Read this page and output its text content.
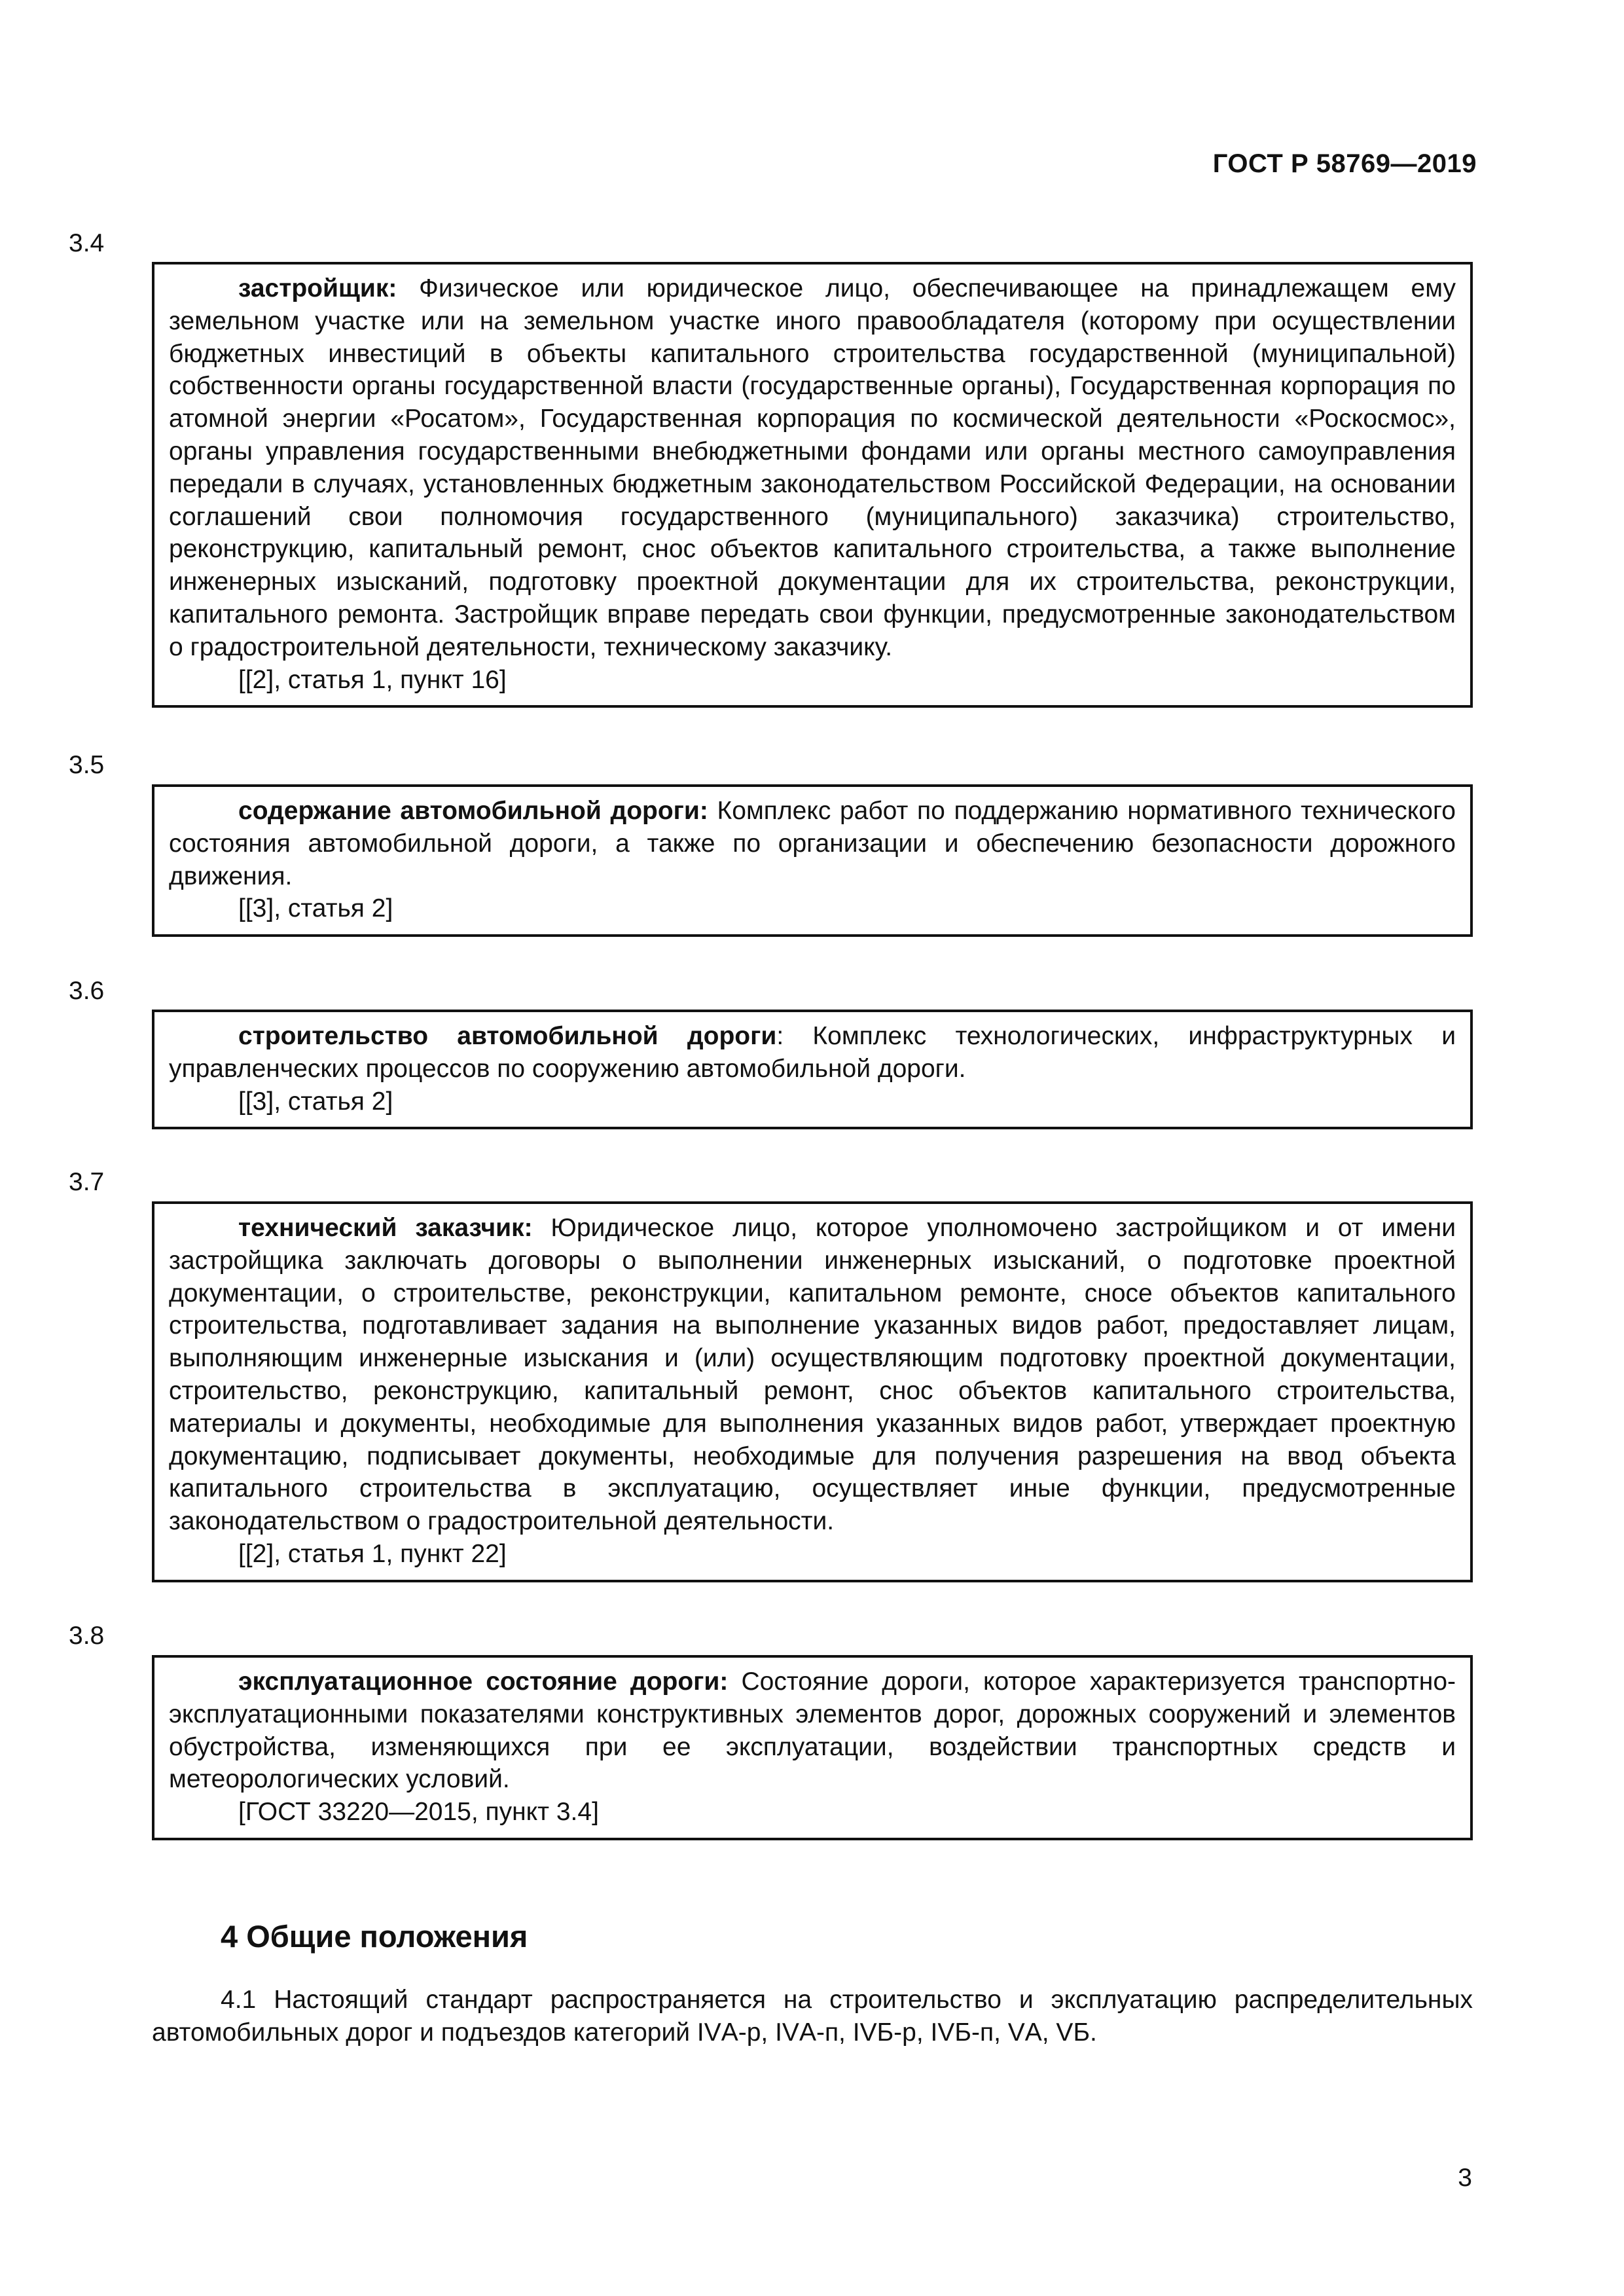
ГОСТ Р 58769—2019
3.4

застройщик: Физическое или юридическое лицо, обеспечивающее на принадлежащем ему земельном участке или на земельном участке иного правообладателя (которому при осуществлении бюджетных инвестиций в объекты капитального строительства государственной (муниципальной) собственности органы государственной власти (государственные органы), Государственная корпорация по атомной энергии «Росатом», Государственная корпорация по космической деятельности «Роскосмос», органы управления государственными внебюджетными фондами или органы местного самоуправления передали в случаях, установленных бюджетным законодательством Российской Федерации, на основании соглашений свои полномочия государственного (муниципального) заказчика) строительство, реконструкцию, капитальный ремонт, снос объектов капитального строительства, а также выполнение инженерных изысканий, подготовку проектной документации для их строительства, реконструкции, капитального ремонта. Застройщик вправе передать свои функции, предусмотренные законодательством о градостроительной деятельности, техническому заказчику.

[[2], статья 1, пункт 16]

3.5

содержание автомобильной дороги: Комплекс работ по поддержанию нормативного технического состояния автомобильной дороги, а также по организации и обеспечению безопасности дорожного движения.

[[3], статья 2]

3.6

строительство автомобильной дороги: Комплекс технологических, инфраструктурных и управленческих процессов по сооружению автомобильной дороги.

[[3], статья 2]

3.7

технический заказчик: Юридическое лицо, которое уполномочено застройщиком и от имени застройщика заключать договоры о выполнении инженерных изысканий, о подготовке проектной документации, о строительстве, реконструкции, капитальном ремонте, сносе объектов капитального строительства, подготавливает задания на выполнение указанных видов работ, предоставляет лицам, выполняющим инженерные изыскания и (или) осуществляющим подготовку проектной документации, строительство, реконструкцию, капитальный ремонт, снос объектов капитального строительства, материалы и документы, необходимые для выполнения указанных видов работ, утверждает проектную документацию, подписывает документы, необходимые для получения разрешения на ввод объекта капитального строительства в эксплуатацию, осуществляет иные функции, предусмотренные законодательством о градостроительной деятельности.

[[2], статья 1, пункт 22]

3.8

эксплуатационное состояние дороги: Состояние дороги, которое характеризуется транспортно-эксплуатационными показателями конструктивных элементов дорог, дорожных сооружений и элементов обустройства, изменяющихся при ее эксплуатации, воздействии транспортных средств и метеорологических условий.

[ГОСТ 33220—2015, пункт 3.4]

4 Общие положения

4.1 Настоящий стандарт распространяется на строительство и эксплуатацию распределительных автомобильных дорог и подъездов категорий IVА-р, IVА-п, IVБ-р, IVБ-п, VА, VБ.

3
